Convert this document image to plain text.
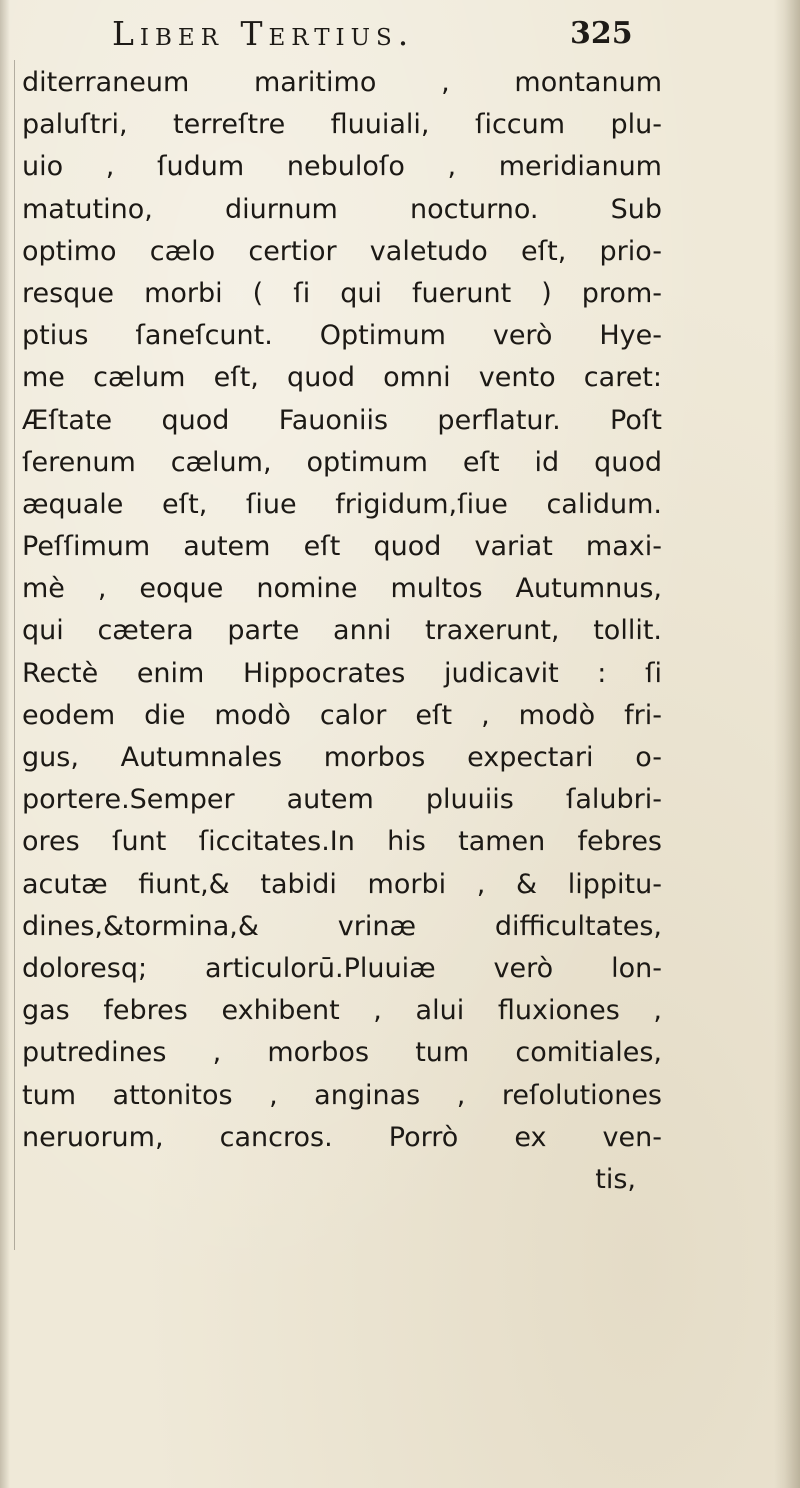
Liber Tertius.	325
diterraneum maritimo , montanum
paluſtri, terreſtre fluuiali, ſiccum plu-
uio , ſudum nebuloſo , meridianum
matutino, diurnum nocturno. Sub
optimo cælo certior valetudo eſt, prio-
resque morbi ( ſi qui fuerunt ) prom-
ptius ſaneſcunt. Optimum verò Hye-
me cælum eſt, quod omni vento caret:
Æſtate quod Fauoniis perflatur. Poſt
ſerenum cælum, optimum eſt id quod
æquale eſt, ſiue frigidum,ſiue calidum.
Peſſimum autem eſt quod variat maxi-
mè , eoque nomine multos Autumnus,
qui cætera parte anni traxerunt, tollit.
Rectè enim Hippocrates judicavit : ſi
eodem die modò calor eſt , modò fri-
gus, Autumnales morbos expectari o-
portere.Semper autem pluuiis ſalubri-
ores ſunt ſiccitates.In his tamen febres
acutæ fiunt,& tabidi morbi , & lippitu-
dines,&tormina,& vrinæ difficultates,
doloresq; articulorū.Pluuiæ verò lon-
gas febres exhibent , alui fluxiones ,
putredines , morbos tum comitiales,
tum attonitos , anginas , reſolutiones
neruorum, cancros. Porrò ex ven-
tis,
